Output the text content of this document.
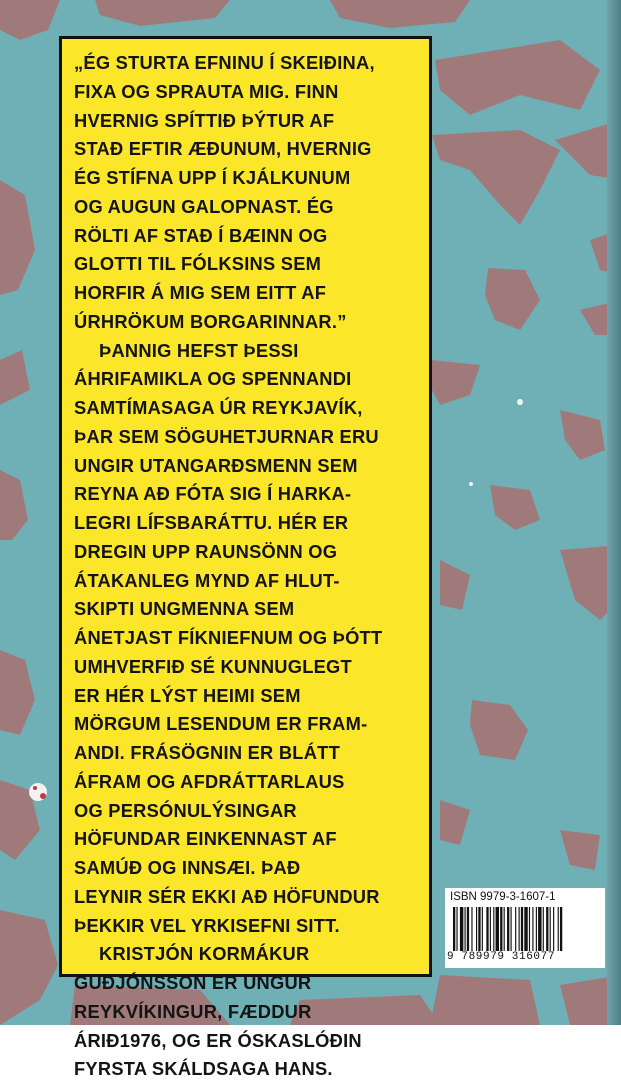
„ÉG STURTA EFNINU Í SKEIÐINA,
FIXA OG SPRAUTA MIG. FINN
HVERNIG SPÍTTIÐ ÞÝTUR AF
STAÐ EFTIR ÆÐUNUM, HVERNIG
ÉG STÍFNA UPP Í KJÁLKUNUM
OG AUGUN GALOPNAST. ÉG
RÖLTI AF STAÐ Í BÆINN OG
GLOTTI TIL FÓLKSINS SEM
HORFIR Á MIG SEM EITT AF
ÚRHRÖKUM BORGARINNAR.”

ÞANNIG HEFST ÞESSI
ÁHRIFAMIKLA OG SPENNANDI
SAMTÍMASAGA ÚR REYKJAVÍK,
ÞAR SEM SÖGUHETJURNAR ERU
UNGIR UTANGARÐSMENN SEM
REYNA AÐ FÓTA SIG Í HARKA-
LEGRI LÍFSBARÁTTU. HÉR ER
DREGIN UPP RAUNSÖNN OG
ÁTAKANLEG MYND AF HLUT-
SKIPTI UNGMENNA SEM
ÁNETJAST FÍKNIEFNUM OG ÞÓTT
UMHVERFIÐ SÉ KUNNUGLEGT
ER HÉR LÝST HEIMI SEM
MÖRGUM LESENDUM ER FRAM-
ANDI. FRÁSÖGNIN ER BLÁTT
ÁFRAM OG AFDRÁTTARLAUS
OG PERSÓNULÝSINGAR
HÖFUNDAR EINKENNAST AF
SAMÚÐ OG INNSÆI. ÞAÐ
LEYNIR SÉR EKKI AÐ HÖFUNDUR
ÞEKKIR VEL YRKISEFNI SITT.

KRISTJÓN KORMÁKUR
GUÐJÓNSSON ER UNGUR
REYKVÍKINGUR, FÆDDUR
ÁRIÐ1976, OG ER ÓSKASLÓÐIN
FYRSTA SKÁLDSAGA HANS.

ISBN 9979-3-1607-1
9 789979 316077
